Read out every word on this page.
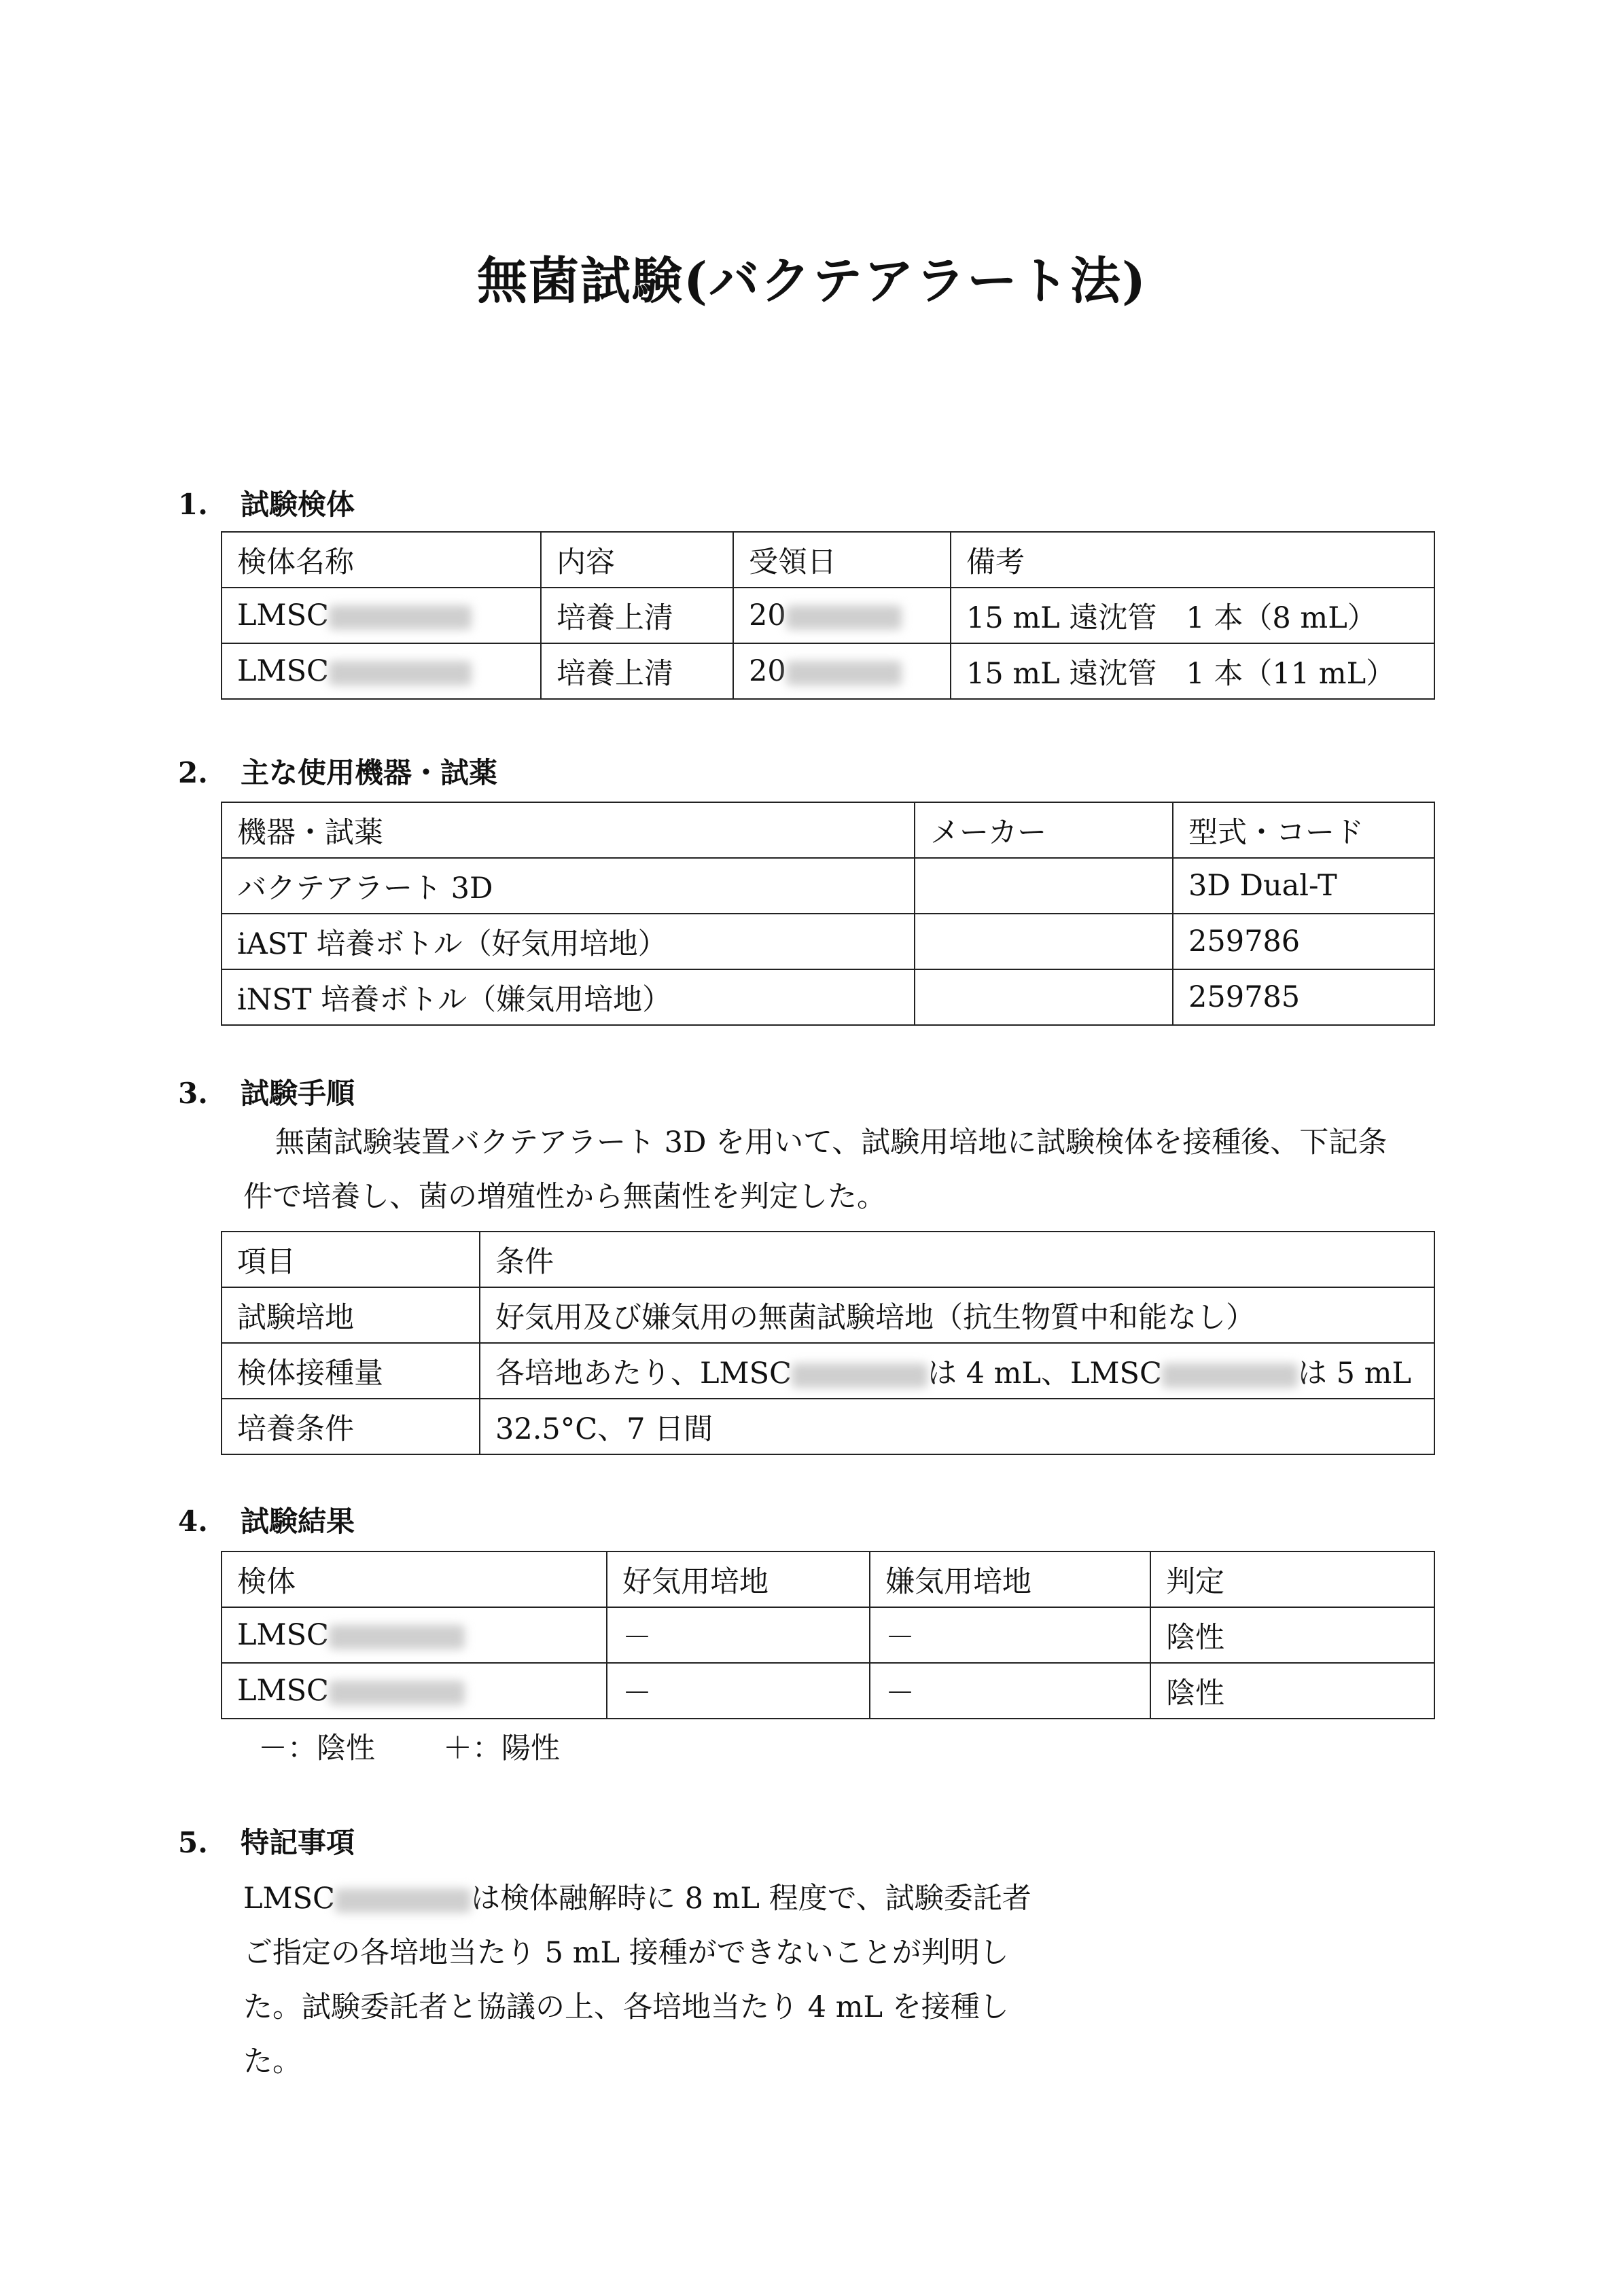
無菌試験(バクテアラート法)
1. 試験検体
検体名称	内容	受領日	備考
LMSC	培養上清	20	15 mL 遠沈管　1 本（8 mL）
LMSC	培養上清	20	15 mL 遠沈管　1 本（11 mL）
2. 主な使用機器・試薬
機器・試薬	メーカー	型式・コード
バクテアラート 3D		3D Dual-T
iAST 培養ボトル（好気用培地）		259786
iNST 培養ボトル（嫌気用培地）		259785
3. 試験手順
無菌試験装置バクテアラート 3D を用いて、試験用培地に試験検体を接種後、下記条
件で培養し、菌の増殖性から無菌性を判定した。
項目	条件
試験培地	好気用及び嫌気用の無菌試験培地（抗生物質中和能なし）
検体接種量	各培地あたり、LMSC は 4 mL、LMSC は 5 mL
培養条件	32.5°C、7 日間
4. 試験結果
検体	好気用培地	嫌気用培地	判定
LMSC	－	－	陰性
LMSC	－	－	陰性
－：陰性 ＋：陽性
5. 特記事項
LMSC	は検体融解時に 8 mL 程度で、試験委託者
ご指定の各培地当たり 5 mL 接種ができないことが判明し
た。試験委託者と協議の上、各培地当たり 4 mL を接種し
た。
